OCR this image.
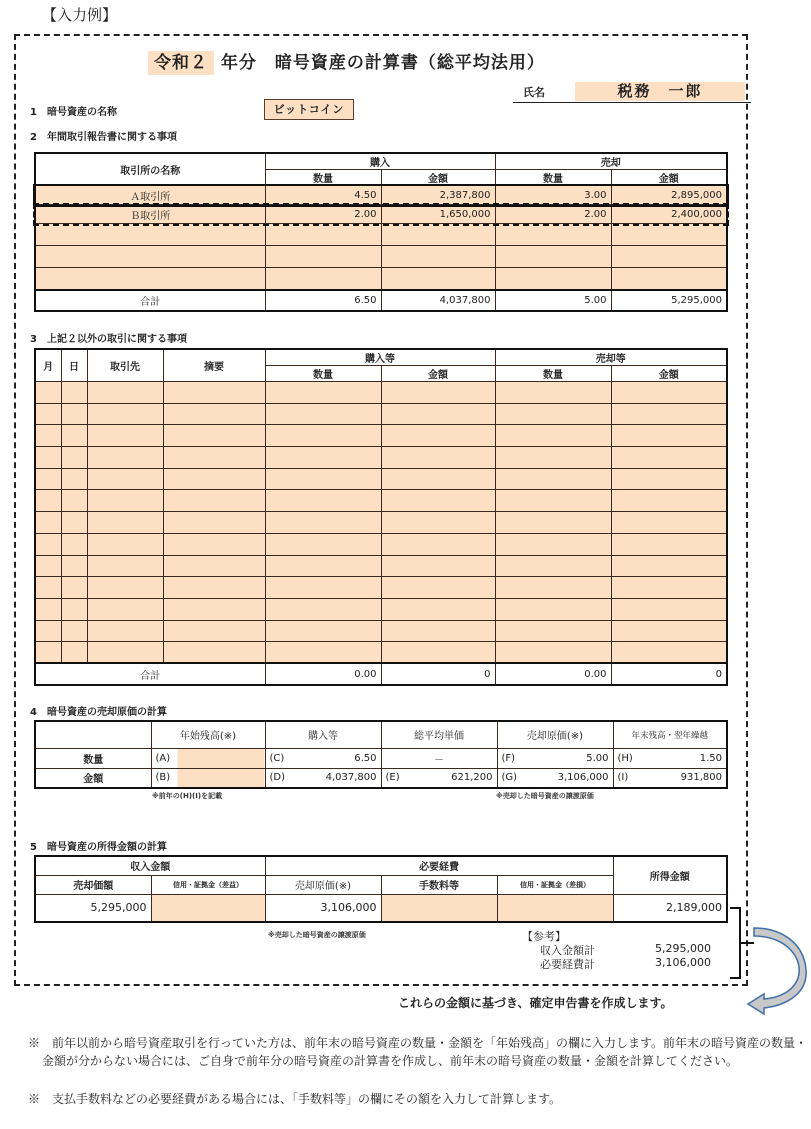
【入力例】
令和２ 年分　暗号資産の計算書（総平均法用）
氏名	税務　一郎
1　暗号資産の名称	ビットコイン
2　年間取引報告書に関する事項
取引所の名称	購入		売却	
	数量	金額	数量	金額
Ａ取引所	4.50	2,387,800	3.00	2,895,000
Ｂ取引所	2.00	1,650,000	2.00	2,400,000

合計	6.50	4,037,800	5.00	5,295,000
3　上記２以外の取引に関する事項
月	日	取引先	摘要	購入等		売却等	
				数量	金額	数量	金額

合計				0.00	0	0.00	0
4　暗号資産の売却原価の計算
	年始残高(※)	購入等	総平均単価	売却原価(※)	年末残高・翌年繰越
数量	(A)	(C) 6.50	－	(F) 5.00	(H) 1.50

金額	(B)	(D) 4,037,800	(E) 621,200	(G) 3,106,000	(I) 931,800
※前年の(H)(I)を記載	※売却した暗号資産の譲渡原価
5　暗号資産の所得金額の計算
収入金額		必要経費			所得金額
売却価額	信用・証拠金（差益）	売却原価(※)	手数料等	信用・証拠金（差損）	
5,295,000		3,106,000			2,189,000
※売却した暗号資産の譲渡原価	【参考】
収入金額計	5,295,000
必要経費計	3,106,000
これらの金額に基づき、確定申告書を作成します。
※　前年以前から暗号資産取引を行っていた方は、前年末の暗号資産の数量・金額を「年始残高」の欄に入力します。前年末の暗号資産の数量・金額が分からない場合には、ご自身で前年分の暗号資産の計算書を作成し、前年末の暗号資産の数量・金額を計算してください。
※　支払手数料などの必要経費がある場合には、「手数料等」の欄にその額を入力して計算します。
